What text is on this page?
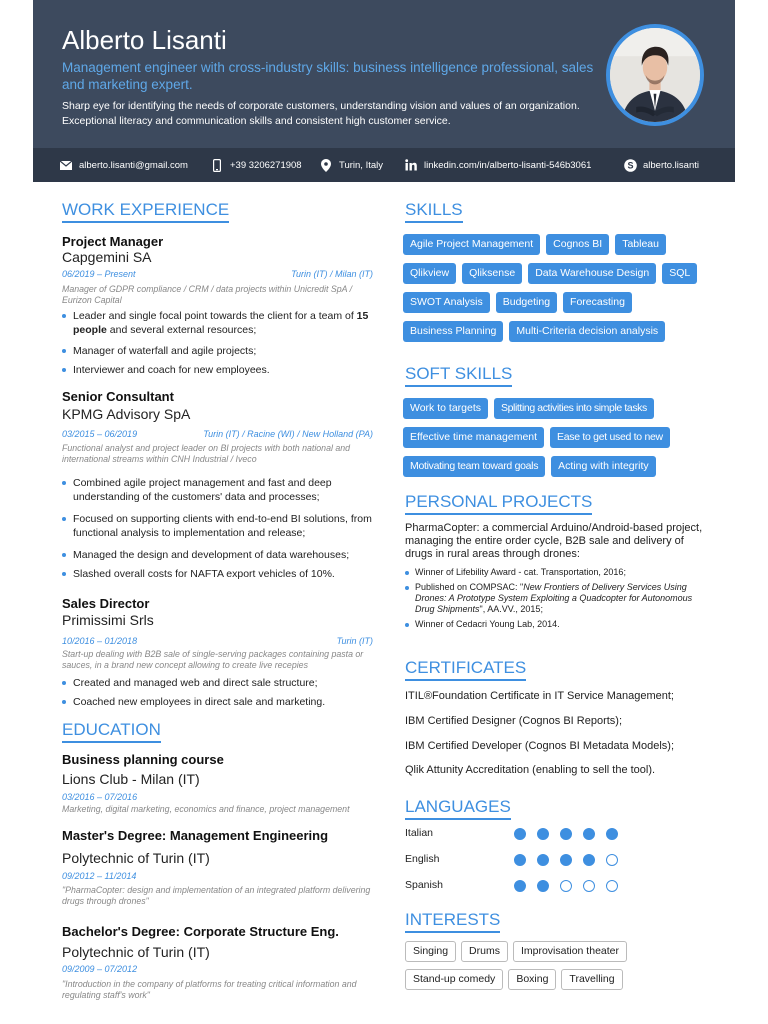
Alberto Lisanti
Management engineer with cross-industry skills: business intelligence professional, sales and marketing expert.
Sharp eye for identifying the needs of corporate customers, understanding vision and values of an organization. Exceptional literacy and communication skills and consistent high customer service.
alberto.lisanti@gmail.com	+39 3206271908	Turin, Italy	linkedin.com/in/alberto-lisanti-546b3061	S alberto.lisanti
WORK EXPERIENCE
Project Manager
Capgemini SA
06/2019 – Present	Turin (IT) / Milan (IT)
Manager of GDPR compliance / CRM / data projects within Unicredit SpA / Eurizon Capital
Leader and single focal point towards the client for a team of 15 people and several external resources;
Manager of waterfall and agile projects;
Interviewer and coach for new employees.
Senior Consultant
KPMG Advisory SpA
03/2015 – 06/2019	Turin (IT) / Racine (WI) / New Holland (PA)
Functional analyst and project leader on BI projects with both national and international streams within CNH Industrial / Iveco
Combined agile project management and fast and deep understanding of the customers' data and processes;
Focused on supporting clients with end-to-end BI solutions, from functional analysis to implementation and release;
Managed the design and development of data warehouses;
Slashed overall costs for NAFTA export vehicles of 10%.
Sales Director
Primissimi Srls
10/2016 – 01/2018	Turin (IT)
Start-up dealing with B2B sale of single-serving packages containing pasta or sauces, in a brand new concept allowing to create live recepies
Created and managed web and direct sale structure;
Coached new employees in direct sale and marketing.
EDUCATION
Business planning course
Lions Club - Milan (IT)
03/2016 – 07/2016
Marketing, digital marketing, economics and finance, project management
Master's Degree: Management Engineering
Polytechnic of Turin (IT)
09/2012 – 11/2014
"PharmaCopter: design and implementation of an integrated platform delivering drugs through drones"
Bachelor's Degree: Corporate Structure Eng.
Polytechnic of Turin (IT)
09/2009 – 07/2012
"Introduction in the company of platforms for treating critical information and regulating staff's work"
SKILLS
Agile Project Management	Cognos BI	Tableau
Qlikview	Qliksense	Data Warehouse Design	SQL
SWOT Analysis	Budgeting	Forecasting
Business Planning	Multi-Criteria decision analysis
SOFT SKILLS
Work to targets	Splitting activities into simple tasks
Effective time management	Ease to get used to new
Motivating team toward goals	Acting with integrity
PERSONAL PROJECTS
PharmaCopter: a commercial Arduino/Android-based project, managing the entire order cycle, B2B sale and delivery of drugs in rural areas through drones:
Winner of Lifebility Award - cat. Transportation, 2016;
Published on COMPSAC: "New Frontiers of Delivery Services Using Drones: A Prototype System Exploiting a Quadcopter for Autonomous Drug Shipments", AA.VV., 2015;
Winner of Cedacri Young Lab, 2014.
CERTIFICATES
ITIL®Foundation Certificate in IT Service Management;
IBM Certified Designer (Cognos BI Reports);
IBM Certified Developer (Cognos BI Metadata Models);
Qlik Attunity Accreditation (enabling to sell the tool).
LANGUAGES
Italian
English
Spanish
INTERESTS
Singing	Drums	Improvisation theater
Stand-up comedy	Boxing	Travelling
